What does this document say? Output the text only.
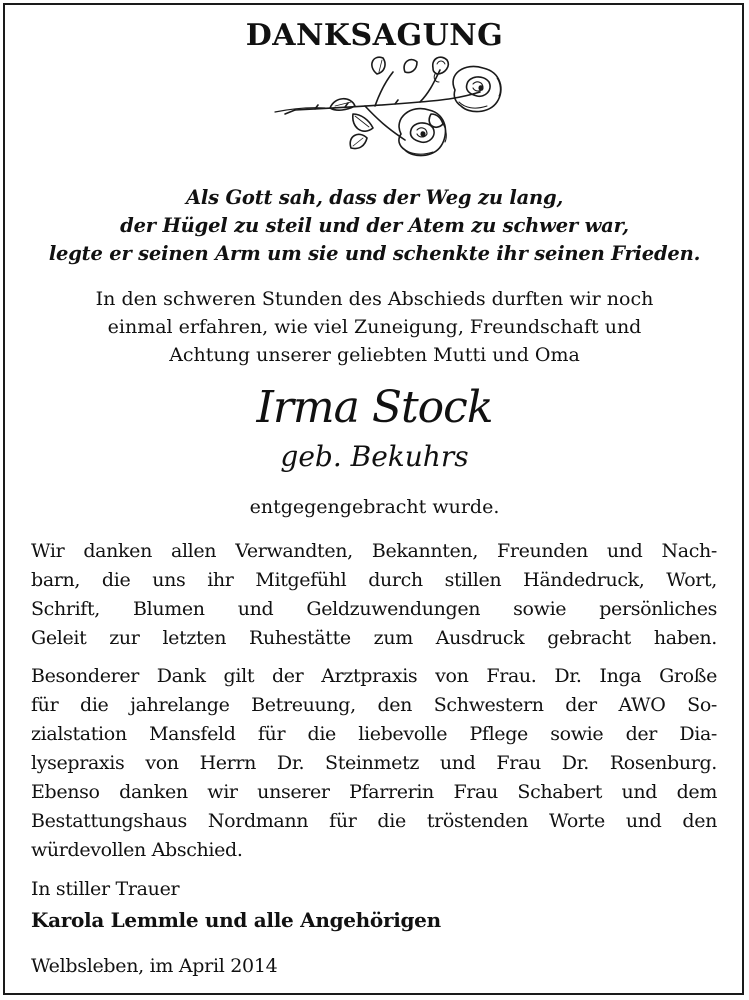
DANKSAGUNG
Als Gott sah, dass der Weg zu lang,
der Hügel zu steil und der Atem zu schwer war,
legte er seinen Arm um sie und schenkte ihr seinen Frieden.
In den schweren Stunden des Abschieds durften wir noch
einmal erfahren, wie viel Zuneigung, Freundschaft und
Achtung unserer geliebten Mutti und Oma
Irma Stock
geb. Bekuhrs
entgegengebracht wurde.
Wir danken allen Verwandten, Bekannten, Freunden und Nach-
barn, die uns ihr Mitgefühl durch stillen Händedruck, Wort,
Schrift, Blumen und Geldzuwendungen sowie persönliches
Geleit zur letzten Ruhestätte zum Ausdruck gebracht haben.
Besonderer Dank gilt der Arztpraxis von Frau. Dr. Inga Große
für die jahrelange Betreuung, den Schwestern der AWO So-
zialstation Mansfeld für die liebevolle Pflege sowie der Dia-
lysepraxis von Herrn Dr. Steinmetz und Frau Dr. Rosenburg.
Ebenso danken wir unserer Pfarrerin Frau Schabert und dem
Bestattungshaus Nordmann für die tröstenden Worte und den
würdevollen Abschied.
In stiller Trauer
Karola Lemmle und alle Angehörigen
Welbsleben, im April 2014
